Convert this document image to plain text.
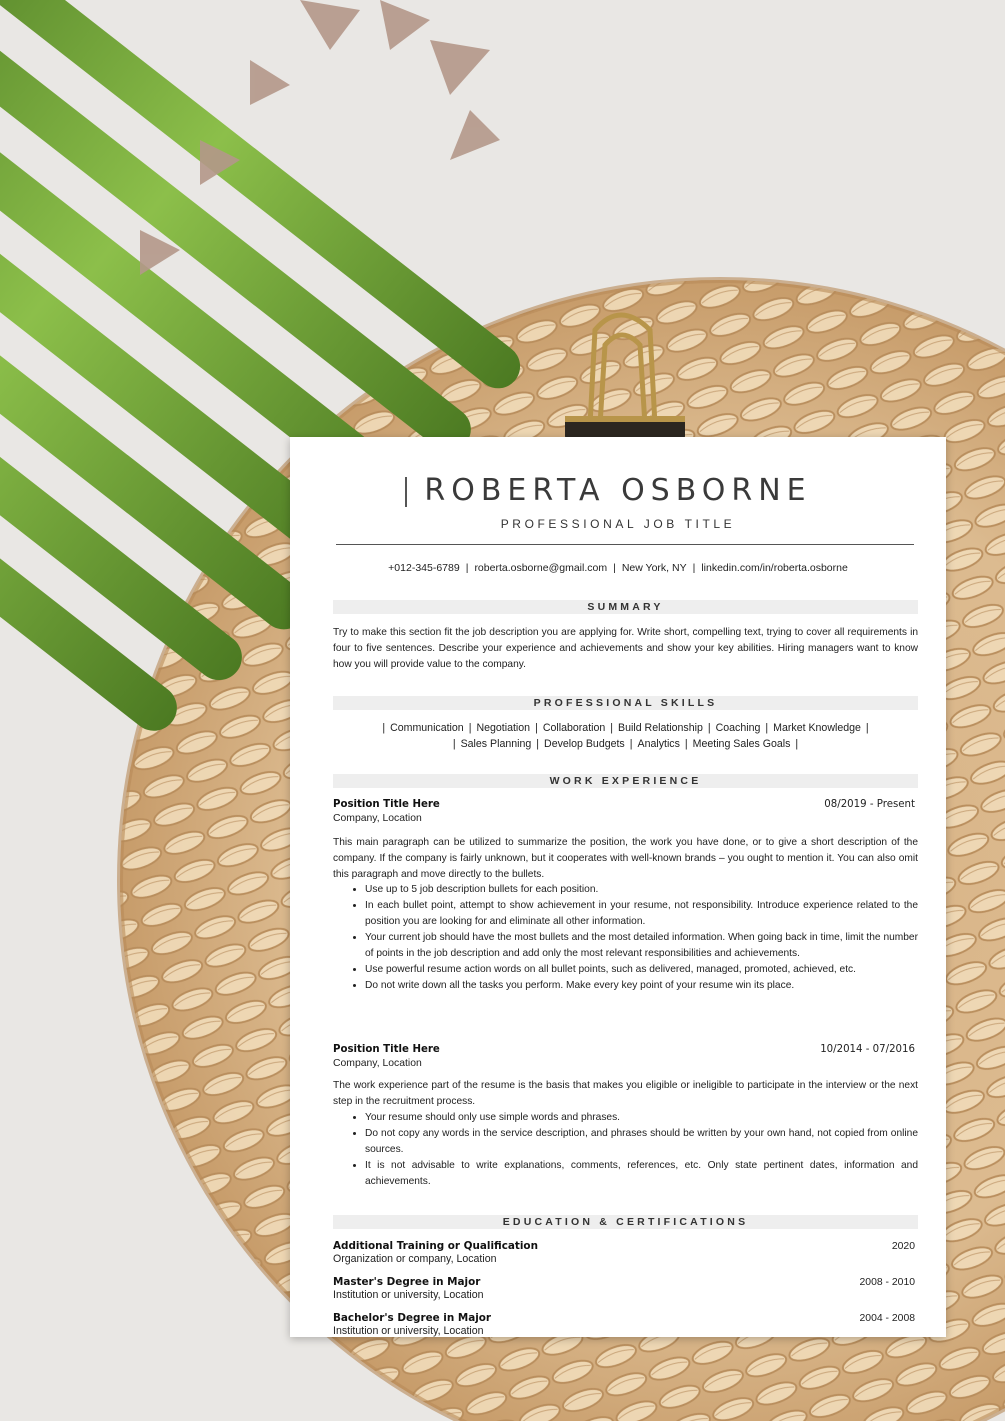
ROBERTA OSBORNE
PROFESSIONAL JOB TITLE
+012-345-6789 | roberta.osborne@gmail.com | New York, NY | linkedin.com/in/roberta.osborne
SUMMARY
Try to make this section fit the job description you are applying for. Write short, compelling text, trying to cover all requirements in four to five sentences. Describe your experience and achievements and show your key abilities. Hiring managers want to know how you will provide value to the company.
PROFESSIONAL SKILLS
| Communication | Negotiation | Collaboration | Build Relationship | Coaching | Market Knowledge |
| Sales Planning | Develop Budgets | Analytics | Meeting Sales Goals |
WORK EXPERIENCE
Position Title Here	08/2019 - Present
Company, Location
This main paragraph can be utilized to summarize the position, the work you have done, or to give a short description of the company. If the company is fairly unknown, but it cooperates with well-known brands – you ought to mention it. You can also omit this paragraph and move directly to the bullets.
• Use up to 5 job description bullets for each position.
• In each bullet point, attempt to show achievement in your resume, not responsibility. Introduce experience related to the position you are looking for and eliminate all other information.
• Your current job should have the most bullets and the most detailed information. When going back in time, limit the number of points in the job description and add only the most relevant responsibilities and achievements.
• Use powerful resume action words on all bullet points, such as delivered, managed, promoted, achieved, etc.
• Do not write down all the tasks you perform. Make every key point of your resume win its place.
Position Title Here	10/2014 - 07/2016
Company, Location
The work experience part of the resume is the basis that makes you eligible or ineligible to participate in the interview or the next step in the recruitment process.
• Your resume should only use simple words and phrases.
• Do not copy any words in the service description, and phrases should be written by your own hand, not copied from online sources.
• It is not advisable to write explanations, comments, references, etc. Only state pertinent dates, information and achievements.
EDUCATION & CERTIFICATIONS
Additional Training or Qualification	2020
Organization or company, Location
Master's Degree in Major	2008 - 2010
Institution or university, Location
Bachelor's Degree in Major	2004 - 2008
Institution or university, Location
